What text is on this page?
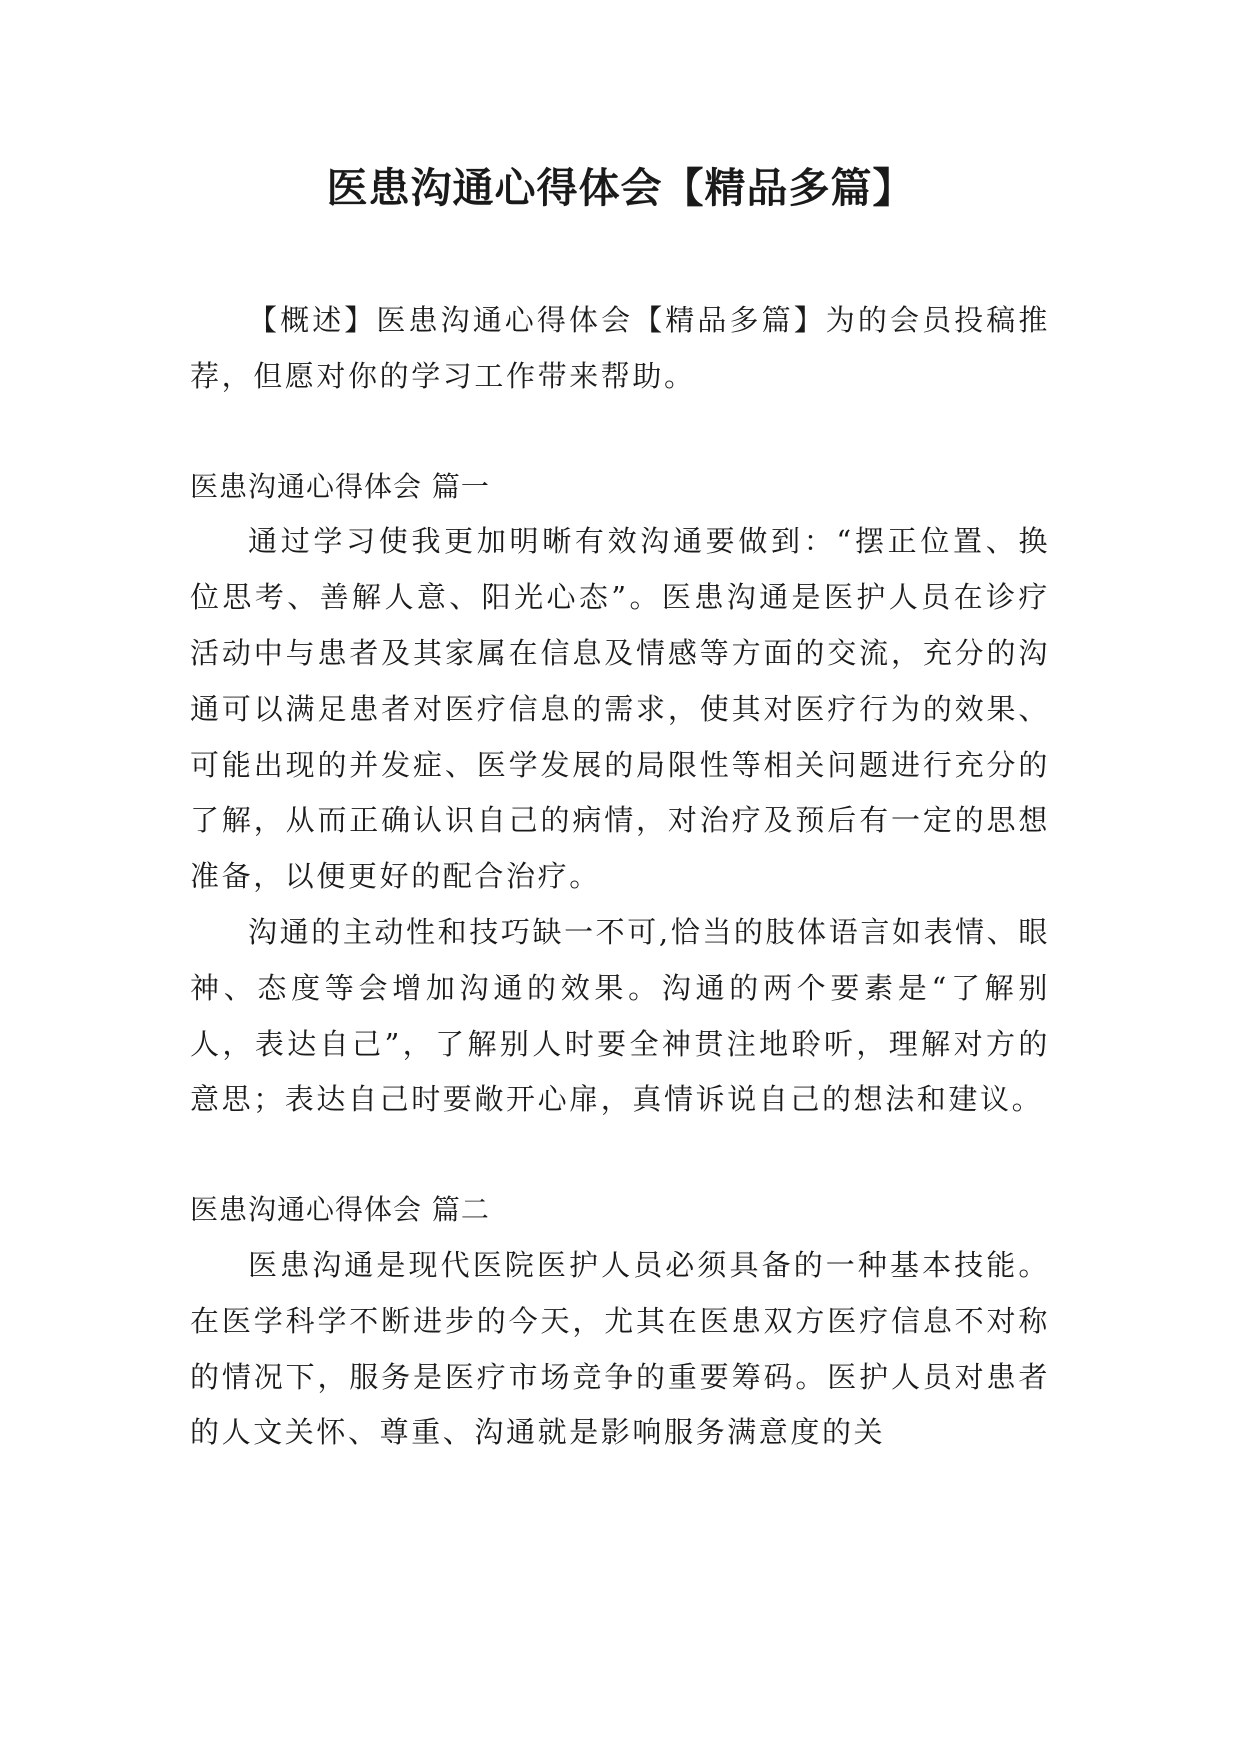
医患沟通心得体会【精品多篇】

【概述】医患沟通心得体会【精品多篇】为的会员投稿推荐，但愿对你的学习工作带来帮助。

医患沟通心得体会 篇一

通过学习使我更加明晰有效沟通要做到：“摆正位置、换位思考、善解人意、阳光心态”。医患沟通是医护人员在诊疗活动中与患者及其家属在信息及情感等方面的交流，充分的沟通可以满足患者对医疗信息的需求，使其对医疗行为的效果、可能出现的并发症、医学发展的局限性等相关问题进行充分的了解，从而正确认识自己的病情，对治疗及预后有一定的思想准备，以便更好的配合治疗。

沟通的主动性和技巧缺一不可,恰当的肢体语言如表情、眼神、态度等会增加沟通的效果。沟通的两个要素是“了解别人，表达自己”，了解别人时要全神贯注地聆听，理解对方的意思；表达自己时要敞开心扉，真情诉说自己的想法和建议。

医患沟通心得体会 篇二

医患沟通是现代医院医护人员必须具备的一种基本技能。在医学科学不断进步的今天，尤其在医患双方医疗信息不对称的情况下，服务是医疗市场竞争的重要筹码。医护人员对患者的人文关怀、尊重、沟通就是影响服务满意度的关
